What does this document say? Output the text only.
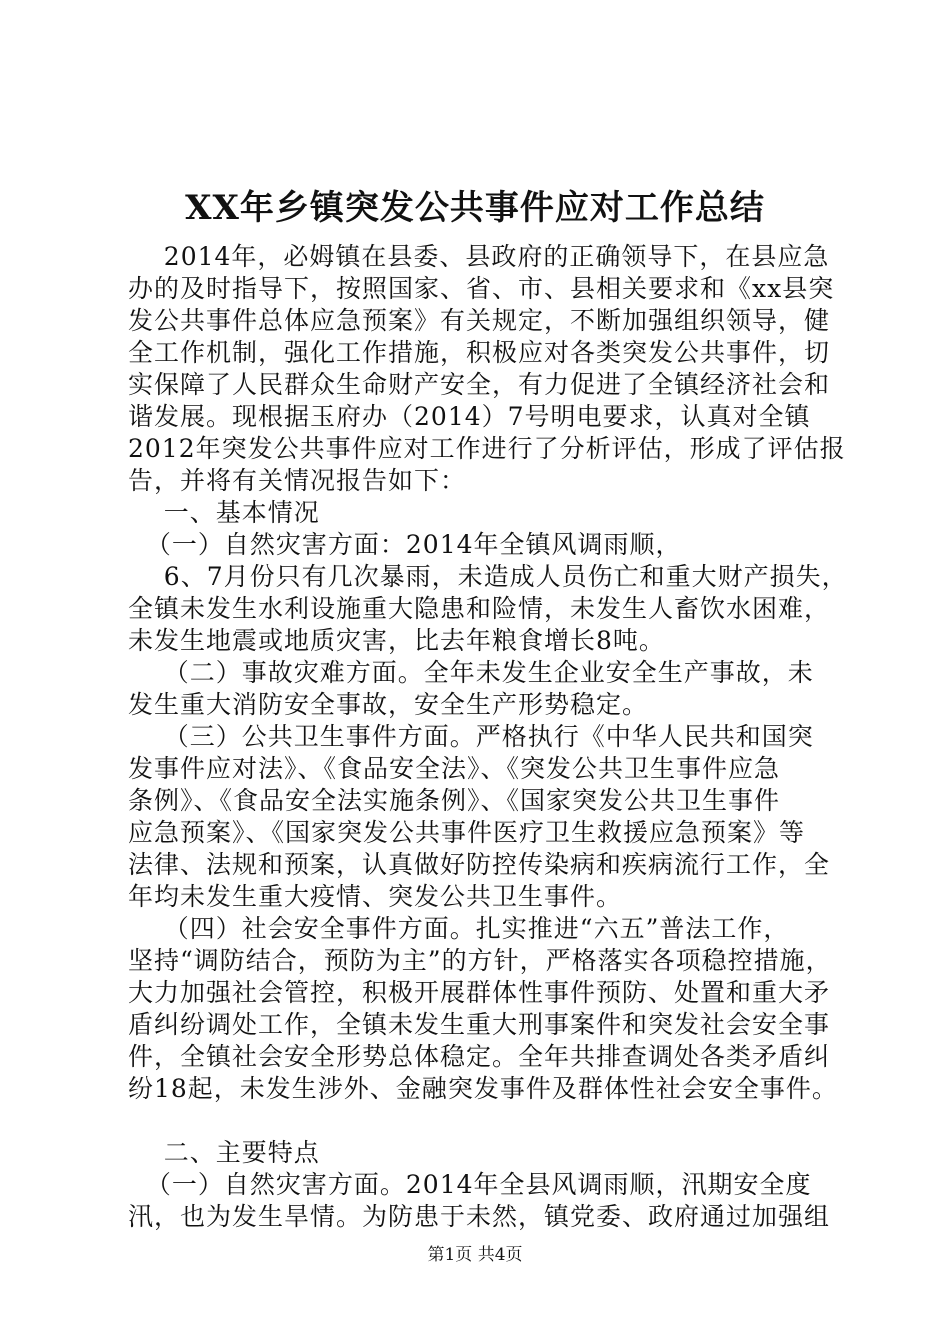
XX年乡镇突发公共事件应对工作总结
2014年，必姆镇在县委、县政府的正确领导下，在县应急
办的及时指导下，按照国家、省、市、县相关要求和《xx县突
发公共事件总体应急预案》有关规定，不断加强组织领导，健
全工作机制，强化工作措施，积极应对各类突发公共事件，切
实保障了人民群众生命财产安全，有力促进了全镇经济社会和
谐发展。现根据玉府办（2014）7号明电要求，认真对全镇
2012年突发公共事件应对工作进行了分析评估，形成了评估报
告，并将有关情况报告如下：
一、基本情况
（一）自然灾害方面：2014年全镇风调雨顺，
6、7月份只有几次暴雨，未造成人员伤亡和重大财产损失，
全镇未发生水利设施重大隐患和险情，未发生人畜饮水困难，
未发生地震或地质灾害，比去年粮食增长8吨。
（二）事故灾难方面。全年未发生企业安全生产事故，未
发生重大消防安全事故，安全生产形势稳定。
（三）公共卫生事件方面。严格执行《中华人民共和国突
发事件应对法》、《食品安全法》、《突发公共卫生事件应急
条例》、《食品安全法实施条例》、《国家突发公共卫生事件
应急预案》、《国家突发公共事件医疗卫生救援应急预案》等
法律、法规和预案，认真做好防控传染病和疾病流行工作，全
年均未发生重大疫情、突发公共卫生事件。
（四）社会安全事件方面。扎实推进“六五”普法工作，
坚持“调防结合，预防为主”的方针，严格落实各项稳控措施，
大力加强社会管控，积极开展群体性事件预防、处置和重大矛
盾纠纷调处工作，全镇未发生重大刑事案件和突发社会安全事
件，全镇社会安全形势总体稳定。全年共排查调处各类矛盾纠
纷18起，未发生涉外、金融突发事件及群体性社会安全事件。
二、主要特点
（一）自然灾害方面。2014年全县风调雨顺，汛期安全度
汛，也为发生旱情。为防患于未然，镇党委、政府通过加强组
第1页 共4页
